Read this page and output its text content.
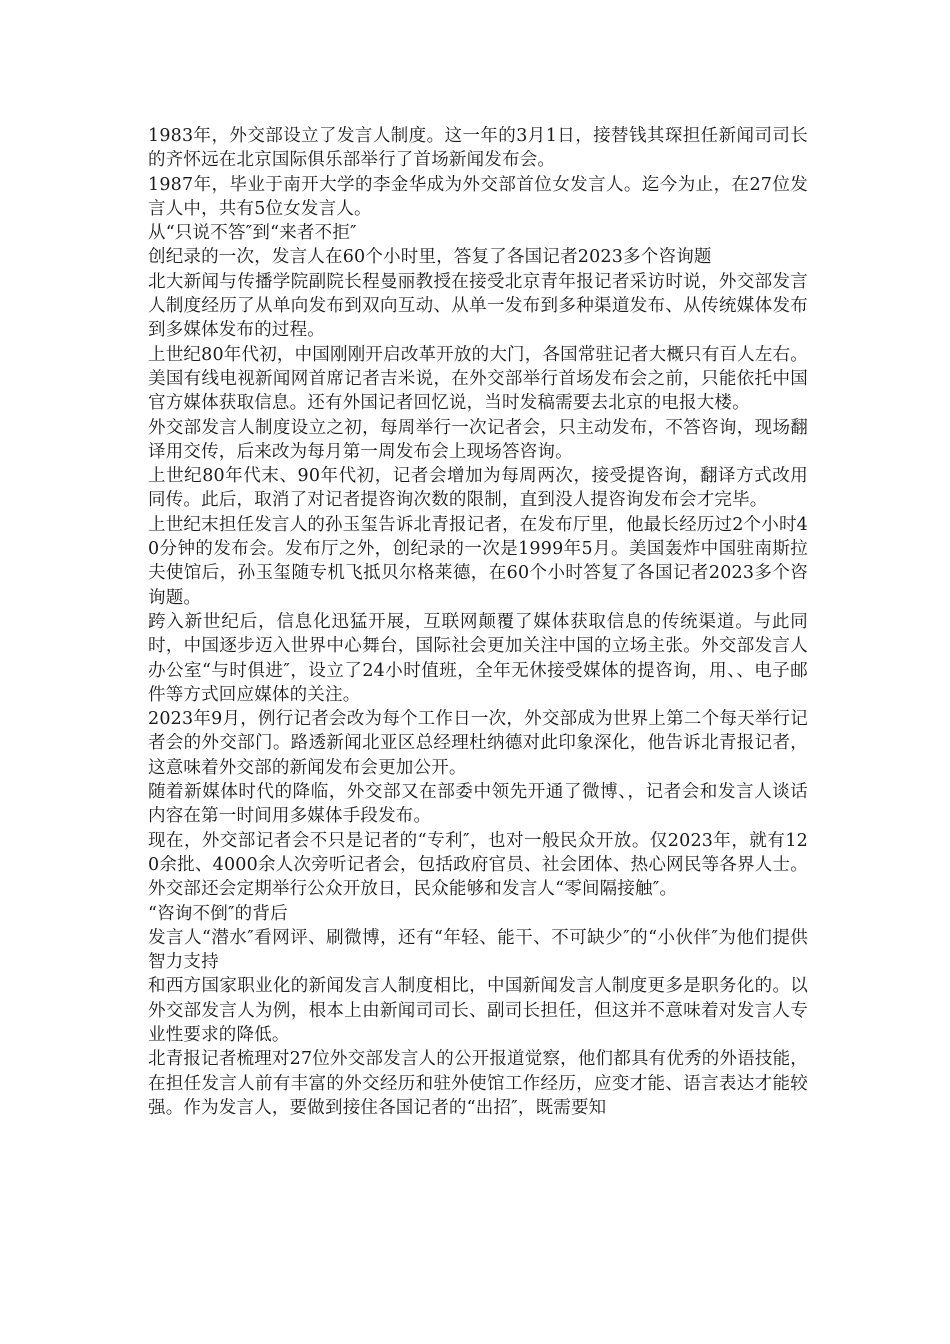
1983年，外交部设立了发言人制度。这一年的3月1日，接替钱其琛担任新闻司司长的齐怀远在北京国际俱乐部举行了首场新闻发布会。

1987年，毕业于南开大学的李金华成为外交部首位女发言人。迄今为止，在27位发言人中，共有5位女发言人。

从“只说不答″到“来者不拒″

创纪录的一次，发言人在60个小时里，答复了各国记者2023多个咨询题

北大新闻与传播学院副院长程曼丽教授在接受北京青年报记者采访时说，外交部发言人制度经历了从单向发布到双向互动、从单一发布到多种渠道发布、从传统媒体发布到多媒体发布的过程。

上世纪80年代初，中国刚刚开启改革开放的大门，各国常驻记者大概只有百人左右。美国有线电视新闻网首席记者吉米说，在外交部举行首场发布会之前，只能依托中国官方媒体获取信息。还有外国记者回忆说，当时发稿需要去北京的电报大楼。

外交部发言人制度设立之初，每周举行一次记者会，只主动发布，不答咨询，现场翻译用交传，后来改为每月第一周发布会上现场答咨询。

上世纪80年代末、90年代初，记者会增加为每周两次，接受提咨询，翻译方式改用同传。此后，取消了对记者提咨询次数的限制，直到没人提咨询发布会才完毕。

上世纪末担任发言人的孙玉玺告诉北青报记者，在发布厅里，他最长经历过2个小时40分钟的发布会。发布厅之外，创纪录的一次是1999年5月。美国轰炸中国驻南斯拉夫使馆后，孙玉玺随专机飞抵贝尔格莱德，在60个小时答复了各国记者2023多个咨询题。

跨入新世纪后，信息化迅猛开展，互联网颠覆了媒体获取信息的传统渠道。与此同时，中国逐步迈入世界中心舞台，国际社会更加关注中国的立场主张。外交部发言人办公室“与时俱进″，设立了24小时值班，全年无休接受媒体的提咨询，用、、电子邮件等方式回应媒体的关注。

2023年9月，例行记者会改为每个工作日一次，外交部成为世界上第二个每天举行记者会的外交部门。路透新闻北亚区总经理杜纳德对此印象深化，他告诉北青报记者，这意味着外交部的新闻发布会更加公开。

随着新媒体时代的降临，外交部又在部委中领先开通了微博、，记者会和发言人谈话内容在第一时间用多媒体手段发布。

现在，外交部记者会不只是记者的“专利″，也对一般民众开放。仅2023年，就有120余批、4000余人次旁听记者会，包括政府官员、社会团体、热心网民等各界人士。外交部还会定期举行公众开放日，民众能够和发言人“零间隔接触″。

“咨询不倒″的背后

发言人“潜水″看网评、刷微博，还有“年轻、能干、不可缺少″的“小伙伴″为他们提供智力支持

和西方国家职业化的新闻发言人制度相比，中国新闻发言人制度更多是职务化的。以外交部发言人为例，根本上由新闻司司长、副司长担任，但这并不意味着对发言人专业性要求的降低。

北青报记者梳理对27位外交部发言人的公开报道觉察，他们都具有优秀的外语技能，在担任发言人前有丰富的外交经历和驻外使馆工作经历，应变才能、语言表达才能较强。作为发言人，要做到接住各国记者的“出招″，既需要知
